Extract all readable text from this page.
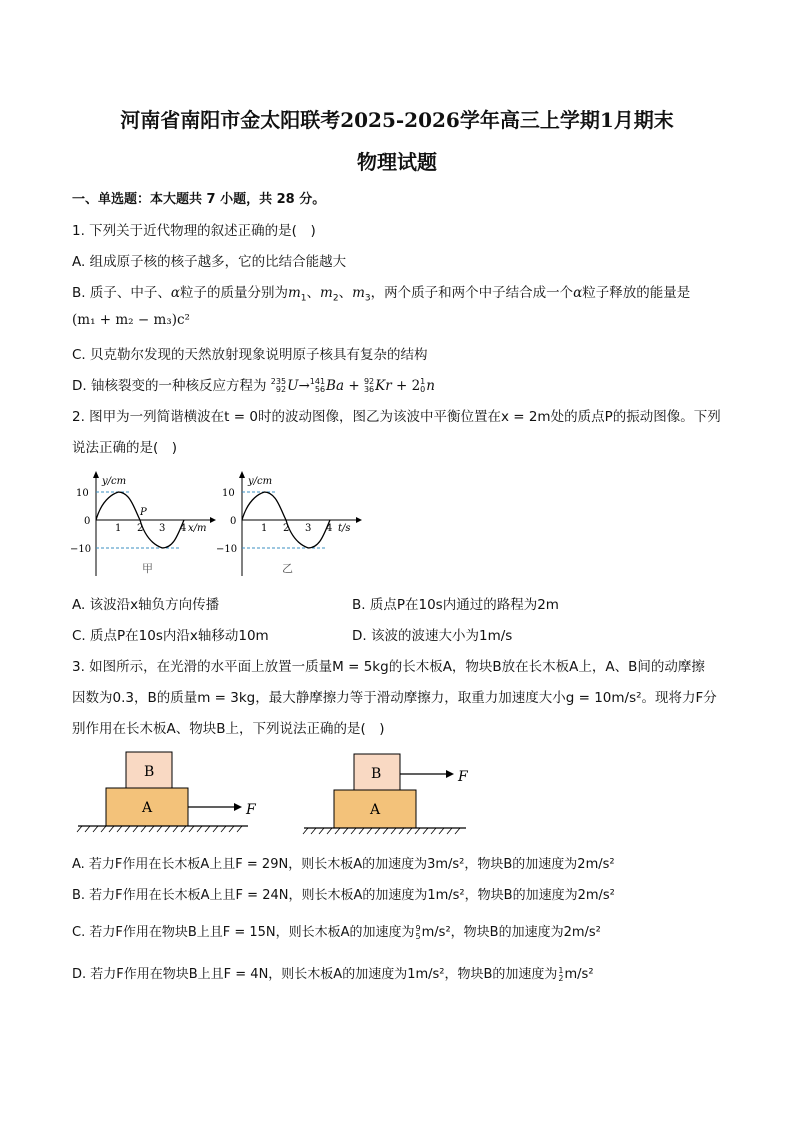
河南省南阳市金太阳联考2025-2026学年高三上学期1月期末
物理试题
一、单选题：本大题共 7 小题，共 28 分。
1. 下列关于近代物理的叙述正确的是(　)
A. 组成原子核的核子越多，它的比结合能越大
B. 质子、中子、α粒子的质量分别为$m_1$、$m_2$、$m_3$，两个质子和两个中子结合成一个α粒子释放的能量是
(m₁ + m₂ − m₃)c²
C. 贝克勒尔发现的天然放射现象说明原子核具有复杂的结构
D. 铀核裂变的一种核反应方程为 235
92U→141
56Ba + 92
36Kr + 21
0n
2. 图甲为一列简谐横波在t = 0时的波动图像，图乙为该波中平衡位置在x = 2m处的质点P的振动图像。下列
说法正确的是(　)
y/cm
10
0
−10
1 2 3 4 x/m
P
甲
y/cm
10
0
−10
1 2 3 4 t/s
乙
A. 该波沿x轴负方向传播	B. 质点P在10s内通过的路程为2m
C. 质点P在10s内沿x轴移动10m	D. 该波的波速大小为1m/s
3. 如图所示，在光滑的水平面上放置一质量M = 5kg的长木板A，物块B放在长木板A上，A、B间的动摩擦
因数为0.3，B的质量m = 3kg，最大静摩擦力等于滑动摩擦力，取重力加速度大小g = 10m/s²。现将力F分
别作用在长木板A、物块B上，下列说法正确的是(　)
B
A	F
B
A
F
A. 若力F作用在长木板A上且F = 29N，则长木板A的加速度为3m/s²，物块B的加速度为2m/s²
B. 若力F作用在长木板A上且F = 24N，则长木板A的加速度为1m/s²，物块B的加速度为2m/s²
C. 若力F作用在物块B上且F = 15N，则长木板A的加速度为9
5m/s²，物块B的加速度为2m/s²
D. 若力F作用在物块B上且F = 4N，则长木板A的加速度为1m/s²，物块B的加速度为1
2m/s²
